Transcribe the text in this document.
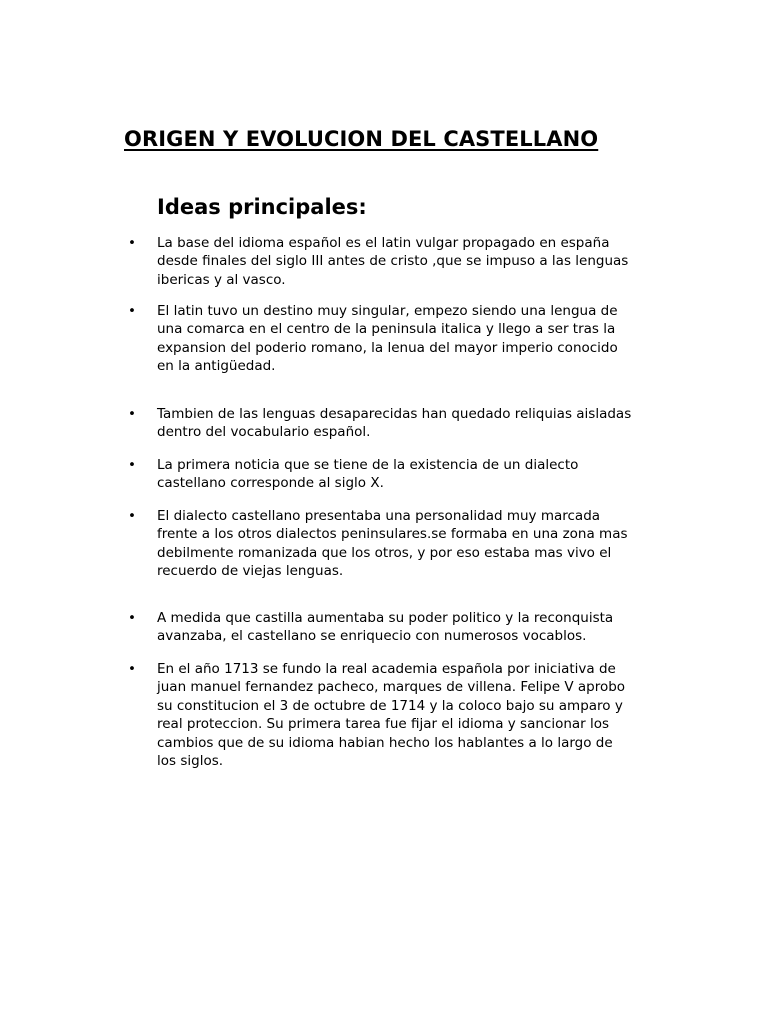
ORIGEN Y EVOLUCION DEL CASTELLANO
Ideas principales:
• La base del idioma español es el latin vulgar propagado en españa
desde finales del siglo III antes de cristo ,que se impuso a las lenguas
ibericas y al vasco.
• El latin tuvo un destino muy singular, empezo siendo una lengua de
una comarca en el centro de la peninsula italica y llego a ser tras la
expansion del poderio romano, la lenua del mayor imperio conocido
en la antigüedad.
• Tambien de las lenguas desaparecidas han quedado reliquias aisladas
dentro del vocabulario español.
• La primera noticia que se tiene de la existencia de un dialecto
castellano corresponde al siglo X.
• El dialecto castellano presentaba una personalidad muy marcada
frente a los otros dialectos peninsulares.se formaba en una zona mas
debilmente romanizada que los otros, y por eso estaba mas vivo el
recuerdo de viejas lenguas.
• A medida que castilla aumentaba su poder politico y la reconquista
avanzaba, el castellano se enriquecio con numerosos vocablos.
• En el año 1713 se fundo la real academia española por iniciativa de
juan manuel fernandez pacheco, marques de villena. Felipe V aprobo
su constitucion el 3 de octubre de 1714 y la coloco bajo su amparo y
real proteccion. Su primera tarea fue fijar el idioma y sancionar los
cambios que de su idioma habian hecho los hablantes a lo largo de
los siglos.
